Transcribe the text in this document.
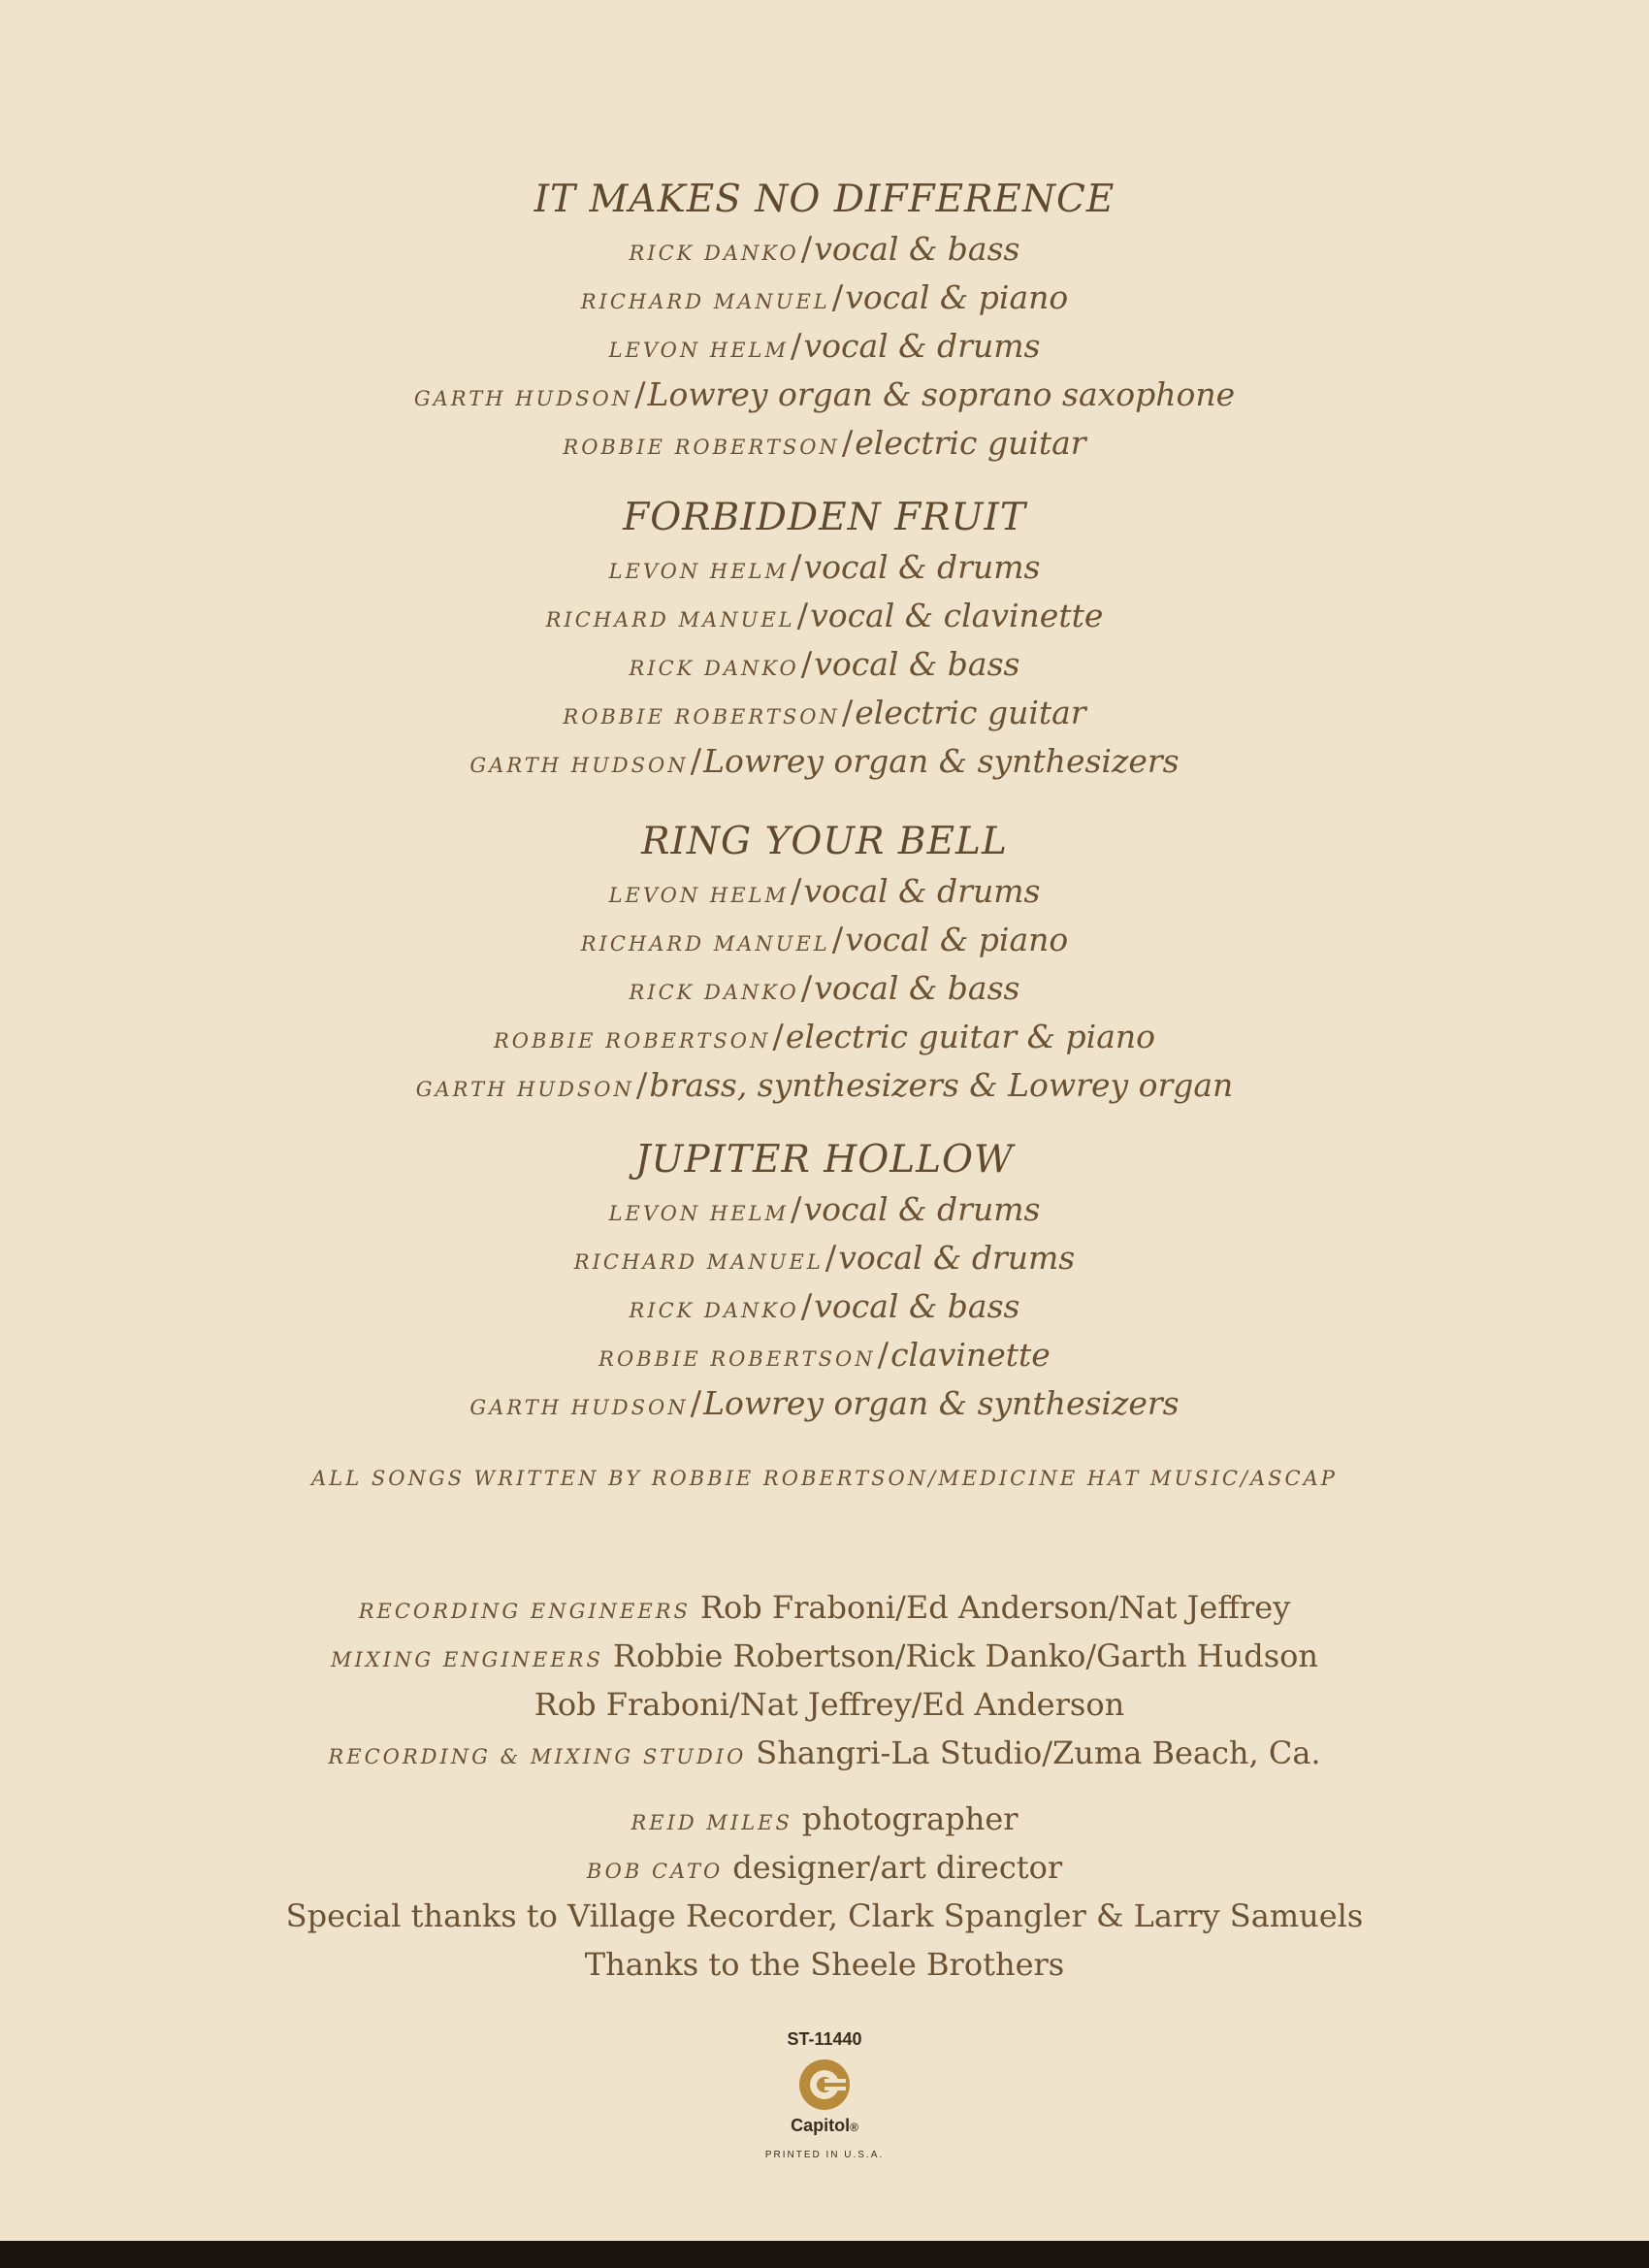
IT MAKES NO DIFFERENCE
RICK DANKO/vocal & bass
RICHARD MANUEL/vocal & piano
LEVON HELM/vocal & drums
GARTH HUDSON/Lowrey organ & soprano saxophone
ROBBIE ROBERTSON/electric guitar
FORBIDDEN FRUIT
LEVON HELM/vocal & drums
RICHARD MANUEL/vocal & clavinette
RICK DANKO/vocal & bass
ROBBIE ROBERTSON/electric guitar
GARTH HUDSON/Lowrey organ & synthesizers
RING YOUR BELL
LEVON HELM/vocal & drums
RICHARD MANUEL/vocal & piano
RICK DANKO/vocal & bass
ROBBIE ROBERTSON/electric guitar & piano
GARTH HUDSON/brass, synthesizers & Lowrey organ
JUPITER HOLLOW
LEVON HELM/vocal & drums
RICHARD MANUEL/vocal & drums
RICK DANKO/vocal & bass
ROBBIE ROBERTSON/clavinette
GARTH HUDSON/Lowrey organ & synthesizers
ALL SONGS WRITTEN BY ROBBIE ROBERTSON/MEDICINE HAT MUSIC/ASCAP
RECORDING ENGINEERS Rob Fraboni/Ed Anderson/Nat Jeffrey
MIXING ENGINEERS Robbie Robertson/Rick Danko/Garth Hudson
Rob Fraboni/Nat Jeffrey/Ed Anderson
RECORDING & MIXING STUDIO Shangri-La Studio/Zuma Beach, Ca.
REID MILES photographer
BOB CATO designer/art director
Special thanks to Village Recorder, Clark Spangler & Larry Samuels
Thanks to the Sheele Brothers
ST-11440
Capitol®
PRINTED IN U.S.A.
